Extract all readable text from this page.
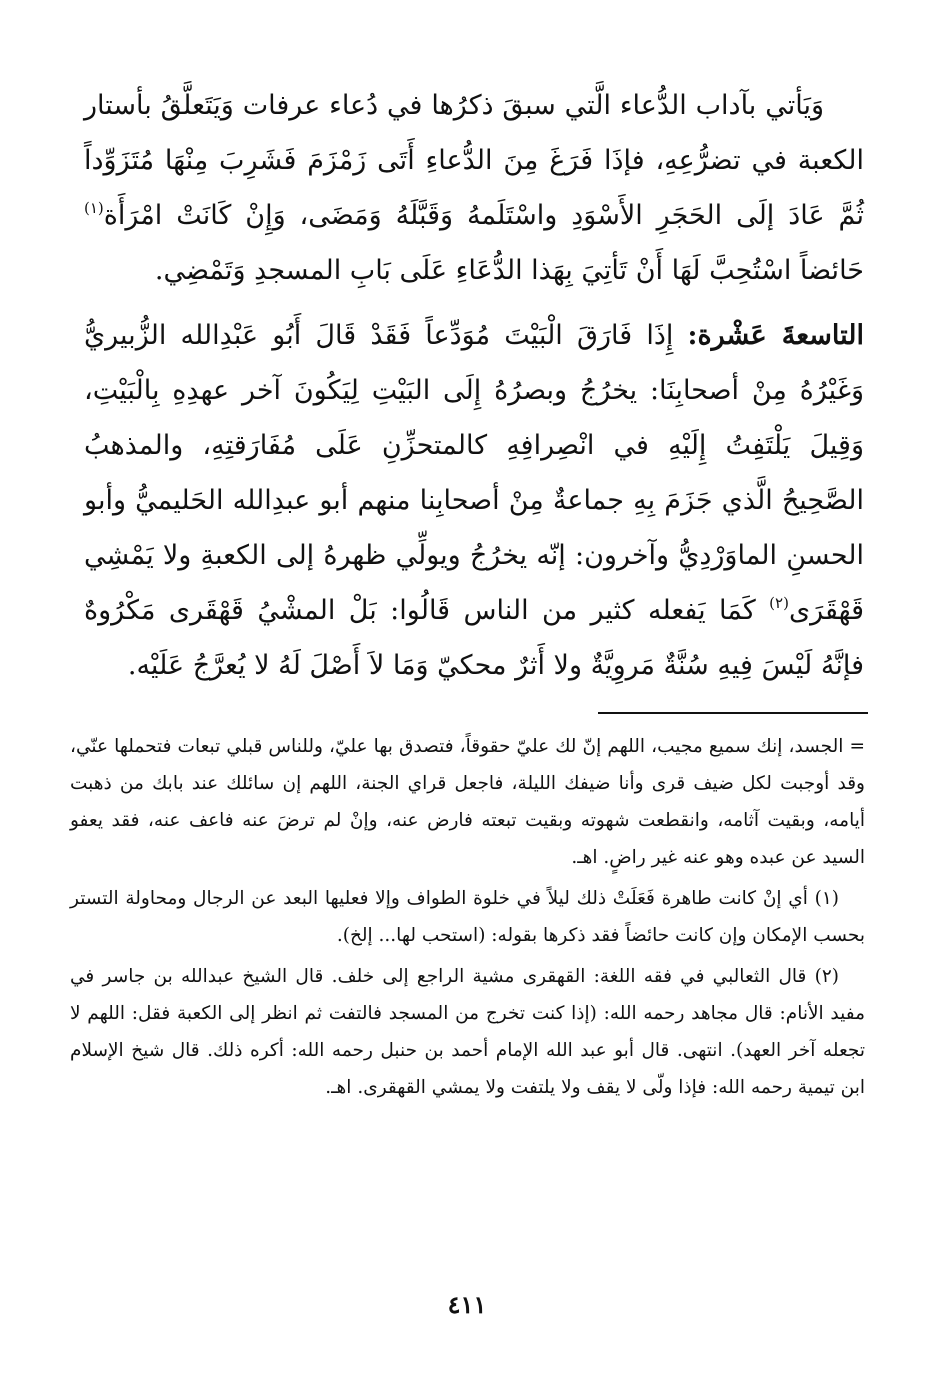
وَيَأتي بآداب الدُّعاء الَّتي سبقَ ذكرُها في دُعاء عرفات وَيَتَعلَّقُ بأستار الكعبة في تضرُّعِهِ، فإذَا فَرَغَ مِنَ الدُّعاءِ أَتَى زَمْزَمَ فَشَرِبَ مِنْهَا مُتَزَوِّداً ثُمَّ عَادَ إلَى الحَجَرِ الأَسْوَدِ واسْتَلَمهُ وَقَبَّلَهُ وَمَضَى، وَإِنْ كَانَتْ امْرَأَة$^{(١)}$ حَائضاً اسْتُحِبَّ لَهَا أَنْ تَأتِيَ بِهَذا الدُّعَاءِ عَلَى بَابِ المسجدِ وَتَمْضِي.

التاسعةَ عَشْرة: إِذَا فَارَقَ الْبَيْتَ مُوَدِّعاً فَقَدْ قَالَ أَبُو عَبْدِالله الزُّبيريُّ وَغَيْرُهُ مِنْ أصحابِنَا: يخرُجُ وبصرُهُ إِلَى البَيْتِ لِيَكُونَ آخر عهدِهِ بِالْبَيْتِ، وَقِيلَ يَلْتَفِتُ إِلَيْهِ في انْصِرافِهِ كالمتحزِّنِ عَلَى مُفَارَقتِهِ، والمذهبُ الصَّحِيحُ الَّذي جَزَمَ بِهِ جماعةٌ مِنْ أصحابِنا منهم أبو عبدِالله الحَليميُّ وأبو الحسنِ الماوَرْدِيُّ وآخرون: إنّه يخرُجُ ويولِّي ظهرهُ إلى الكعبةِ ولا يَمْشِي قَهْقَرَى$^{(٢)}$ كَمَا يَفعله كثير من الناس قَالُوا: بَلْ المشْيُ قَهْقَرى مَكْرُوهٌ فإنَّهُ لَيْسَ فِيهِ سُنَّةٌ مَروِيَّةٌ ولا أَثرٌ محكيّ وَمَا لاَ أَصْلَ لَهُ لا يُعرَّجُ عَلَيْه.

= الجسد، إنك سميع مجيب، اللهم إنّ لك عليّ حقوقاً، فتصدق بها عليّ، وللناس قبلي تبعات فتحملها عنّي، وقد أوجبت لكل ضيف قرى وأنا ضيفك الليلة، فاجعل قراي الجنة، اللهم إن سائلك عند بابك من ذهبت أيامه، وبقيت آثامه، وانقطعت شهوته وبقيت تبعته فارض عنه، وإنْ لم ترضَ عنه فاعف عنه، فقد يعفو السيد عن عبده وهو عنه غير راضٍ. اهـ.

(١) أي إنْ كانت طاهرة فَعَلَتْ ذلك ليلاً في خلوة الطواف وإلا فعليها البعد عن الرجال ومحاولة التستر بحسب الإمكان وإن كانت حائضاً فقد ذكرها بقوله: (استحب لها... إلخ).

(٢) قال الثعالبي في فقه اللغة: القهقرى مشية الراجع إلى خلف. قال الشيخ عبدالله بن جاسر في مفيد الأنام: قال مجاهد رحمه الله: (إذا كنت تخرج من المسجد فالتفت ثم انظر إلى الكعبة فقل: اللهم لا تجعله آخر العهد). انتهى. قال أبو عبد الله الإمام أحمد بن حنبل رحمه الله: أكره ذلك. قال شيخ الإسلام ابن تيمية رحمه الله: فإذا ولّى لا يقف ولا يلتفت ولا يمشي القهقرى. اهـ.

٤١١
